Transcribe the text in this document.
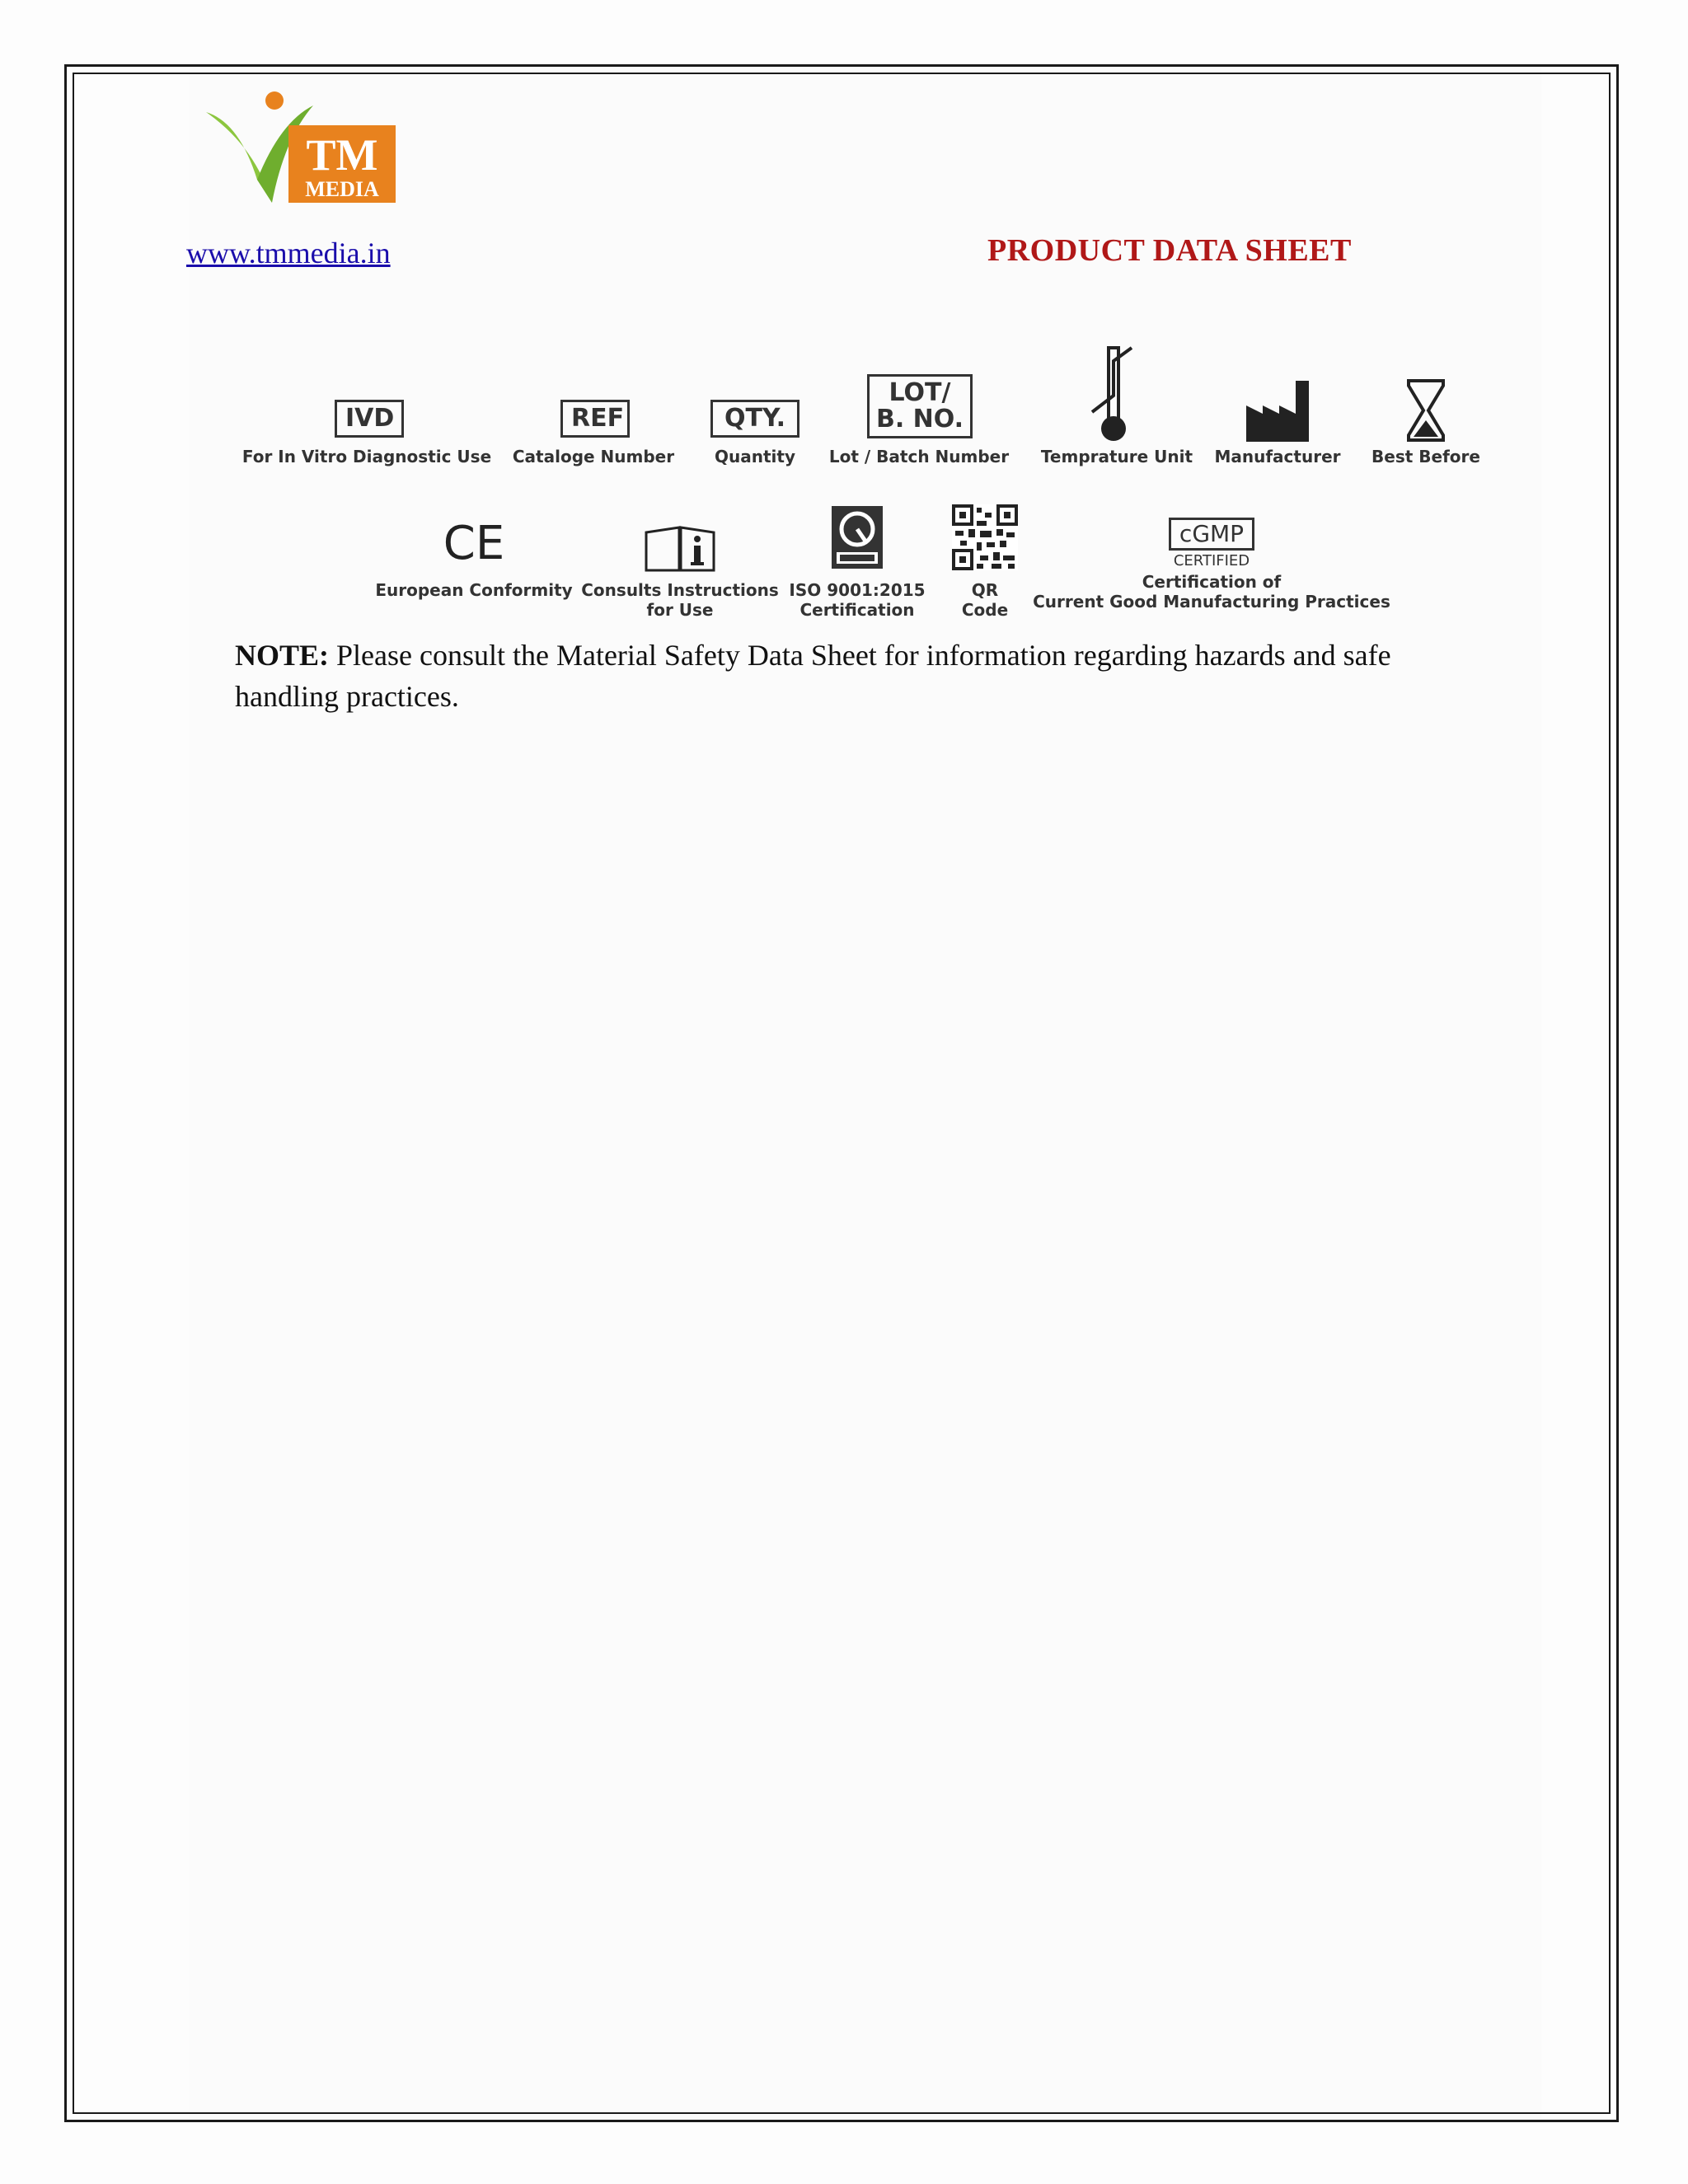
TM
MEDIA
www.tmmedia.in	PRODUCT DATA SHEET
IVD
For In Vitro Diagnostic Use
REF
Cataloge Number
QTY.
Quantity
LOT/
B. NO.
Lot / Batch Number Temprature Unit Manufacturer Best Before
CE
European Conformity Consults Instructions
for Use
ISO 9001:2015
Certification
QR
Code
cGMP
CERTIFIED
Certification of
Current Good Manufacturing Practices
NOTE: Please consult the Material Safety Data Sheet for information regarding hazards and safe
handling practices.
